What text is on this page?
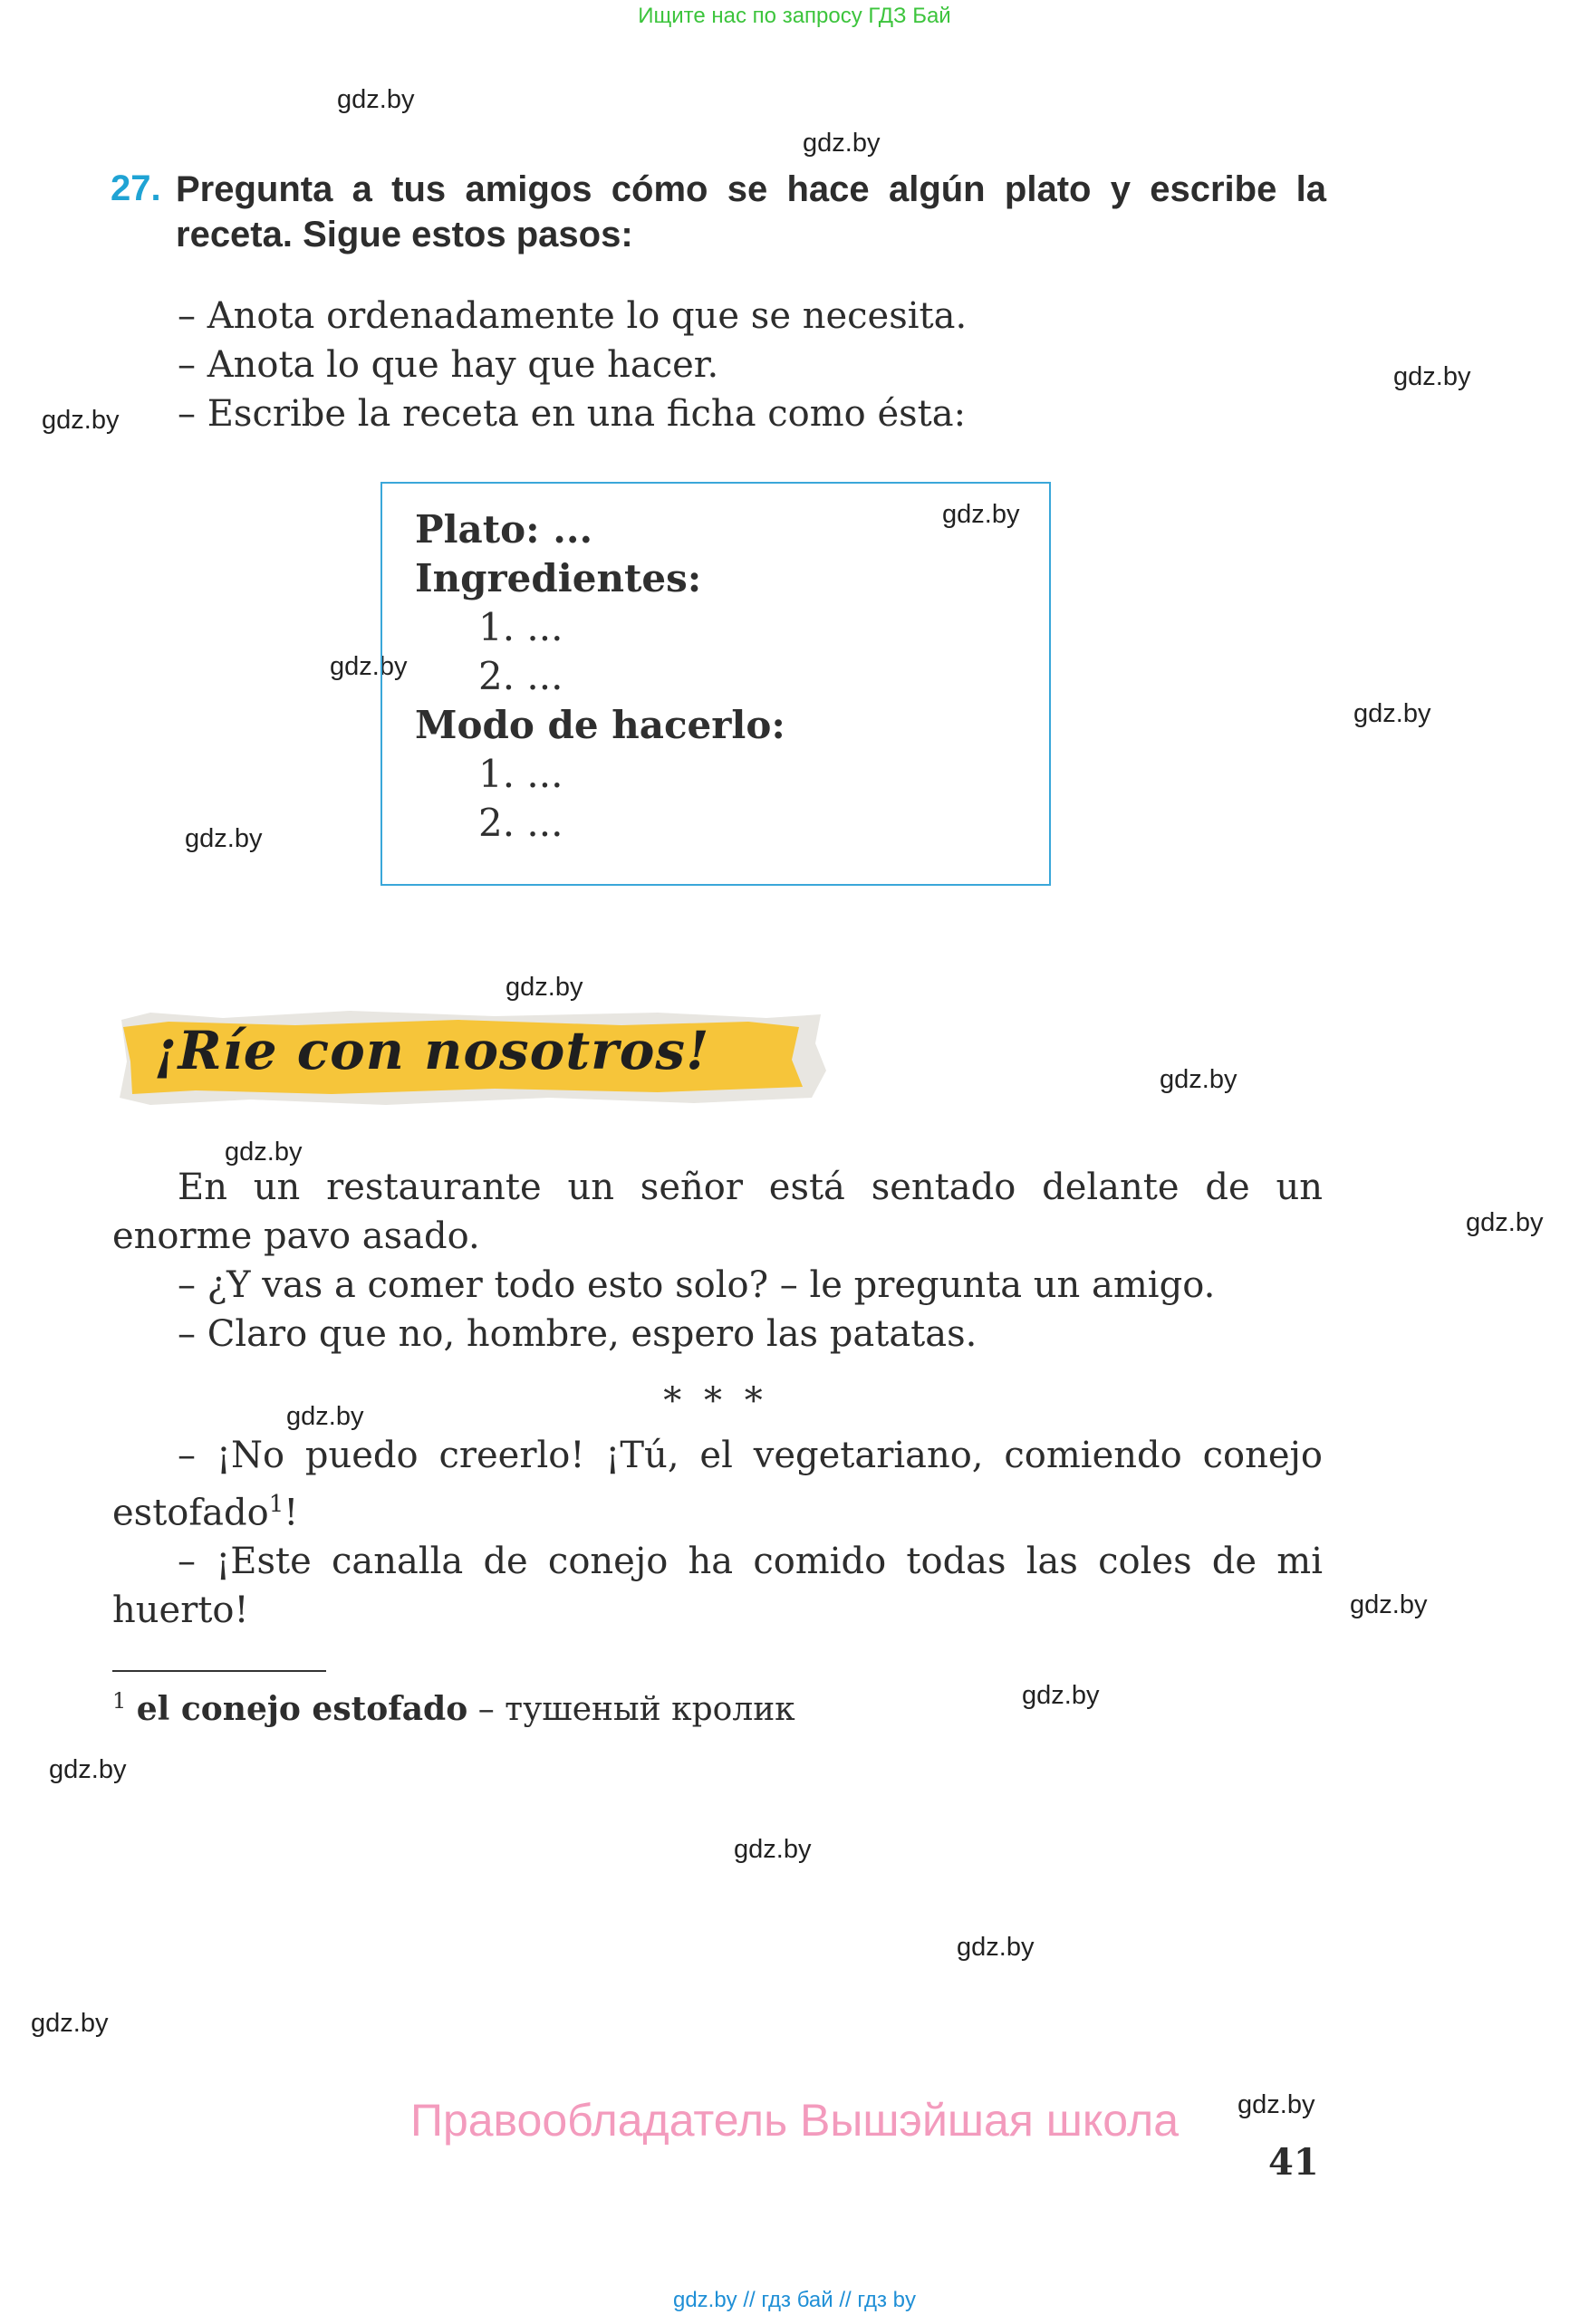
Ищите нас по запросу ГДЗ Бай
gdz.by
gdz.by
gdz.by
gdz.by
gdz.by
gdz.by
gdz.by
gdz.by
gdz.by
gdz.by
gdz.by
gdz.by
gdz.by
gdz.by
gdz.by
gdz.by
gdz.by
gdz.by
gdz.by
gdz.by
27. Pregunta a tus amigos cómo se hace algún plato y escribe la receta. Sigue estos pasos:
– Anota ordenadamente lo que se necesita.
– Anota lo que hay que hacer.
– Escribe la receta en una ficha como ésta:
Plato: ...
Ingredientes:
1. ...
2. ...
Modo de hacerlo:
1. ...
2. ...
¡Ríe con nosotros!
En un restaurante un señor está sentado delante de un enorme pavo asado.
– ¿Y vas a comer todo esto solo? – le pregunta un amigo.
– Claro que no, hombre, espero las patatas.
* * *
– ¡No puedo creerlo! ¡Tú, el vegetariano, comiendo conejo estofado$^1$!
– ¡Este canalla de conejo ha comido todas las coles de mi huerto!
$^1$ el conejo estofado – тушеный кролик
Правообладатель Вышэйшая школа
41
gdz.by // гдз бай // гдз by
